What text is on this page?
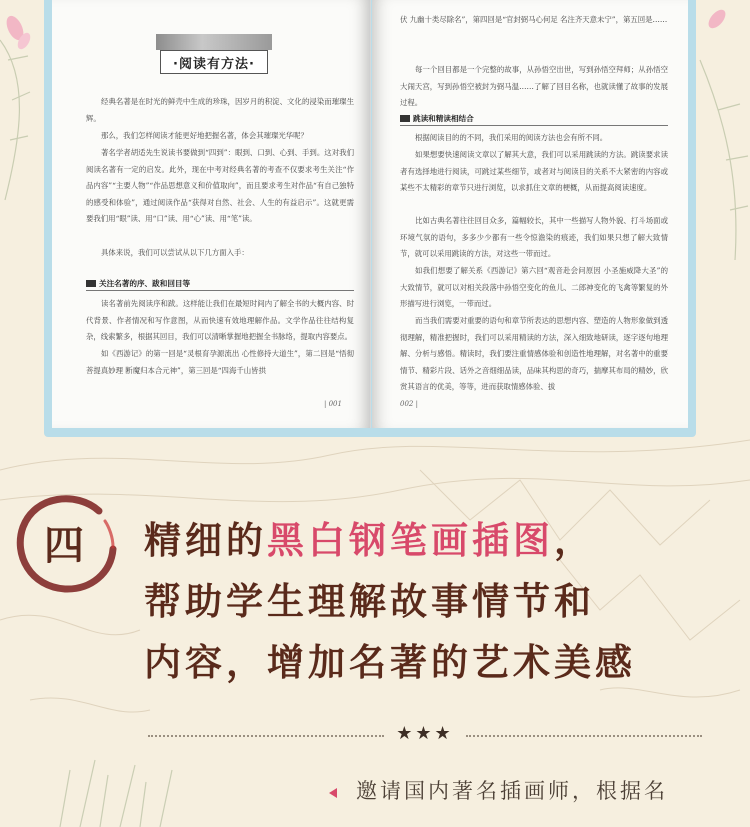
·阅读有方法·

经典名著是在时光的鲜壳中生成的珍珠，因岁月的积淀、文化的浸染而璀璨生辉。

那么，我们怎样阅读才能更好地把握名著，体会其璀璨光华呢？

著名学者胡适先生说读书要做到“四到”：眼到、口到、心到、手到。这对我们阅读名著有一定的启发。此外，现在中考对经典名著的考查不仅要求考生关注“作品内容”“主要人物”“作品思想意义和价值取向”，而且要求考生对作品“有自己独特的感受和体验”，通过阅读作品“获得对自然、社会、人生的有益启示”。这就更需要我们用“眼”读、用“口”读、用“心”读、用“笔”读。

具体来说，我们可以尝试从以下几方面入手：

关注名著的序、跋和回目等

读名著前先阅读序和跋。这样能让我们在最短时间内了解全书的大概内容、时代背景、作者情况和写作意图，从而快速有效地理解作品。文学作品往往结构复杂，线索繁多，根据其回目，我们可以清晰掌握地把握全书脉络，提取内容要点。

如《西游记》的第一回是“灵根育孕源流出 心性修持大道生”，第二回是“悟彻菩提真妙理 断魔归本合元神”，第三回是“四海千山皆拱

| 001

伏 九幽十类尽除名”，第四回是“官封弼马心何足 名注齐天意未宁”，第五回是……

每一个回目都是一个完整的故事，从孙悟空出世，写到孙悟空拜师；从孙悟空大闹天宫，写到孙悟空被封为弼马温……了解了回目名称，也就读懂了故事的发展过程。

跳读和精读相结合

根据阅读目的的不同，我们采用的阅读方法也会有所不同。

如果想要快速阅读文章以了解其大意，我们可以采用跳读的方法。跳读要求读者有选择地进行阅读，可跳过某些细节，或者对与阅读目的关系不大紧密的内容或某些不太精彩的章节只进行浏览，以求抓住文章的梗概，从而提高阅读速度。

比如古典名著往往回目众多，篇幅较长，其中一些描写人物外貌、打斗场面或环境气氛的语句，多多少少都有一些令惊澹染的痕迹，我们如果只想了解大致情节，就可以采用跳读的方法，对这些一带而过。

如我们想要了解关系《西游记》第六回“观音赴会问原因 小圣施威降大圣”的大致情节，就可以对相关段落中孙悟空变化的鱼儿、二郎神变化的飞禽等繁复的外形描写进行浏览，一带而过。

而当我们需要对重要的语句和章节所表达的思想内容、塑造的人物形象做到透彻理解，精准把握时，我们可以采用精读的方法，深入细致地研读，逐字逐句地理解、分析与感悟。精读时，我们要注重情感体验和创造性地理解，对名著中的重要情节、精彩片段、话外之音细细品读，品味其构思的奇巧，揣摩其布局的精妙，欣赏其语言的优美，等等，进而获取情感体验、拔

002 |
四 精细的黑白钢笔画插图，
帮助学生理解故事情节和
内容，增加名著的艺术美感
★★★
邀请国内著名插画师，根据名
